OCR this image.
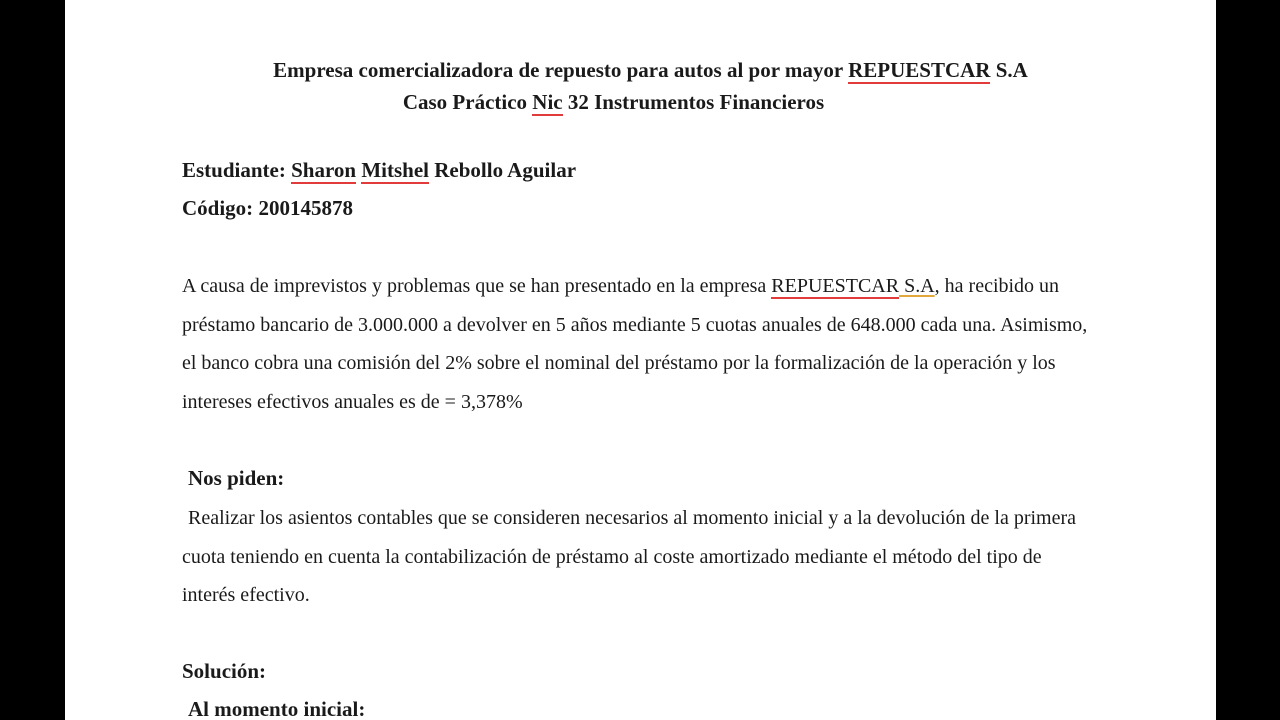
Empresa comercializadora de repuesto para autos al por mayor REPUESTCAR S.A
Caso Práctico Nic 32 Instrumentos Financieros
Estudiante: Sharon Mitshel Rebollo Aguilar
Código: 200145878
A causa de imprevistos y problemas que se han presentado en la empresa REPUESTCAR S.A, ha recibido un préstamo bancario de 3.000.000 a devolver en 5 años mediante 5 cuotas anuales de 648.000 cada una. Asimismo, el banco cobra una comisión del 2% sobre el nominal del préstamo por la formalización de la operación y los intereses efectivos anuales es de = 3,378%
Nos piden:
Realizar los asientos contables que se consideren necesarios al momento inicial y a la devolución de la primera cuota teniendo en cuenta la contabilización de préstamo al coste amortizado mediante el método del tipo de interés efectivo.
Solución:
Al momento inicial:
